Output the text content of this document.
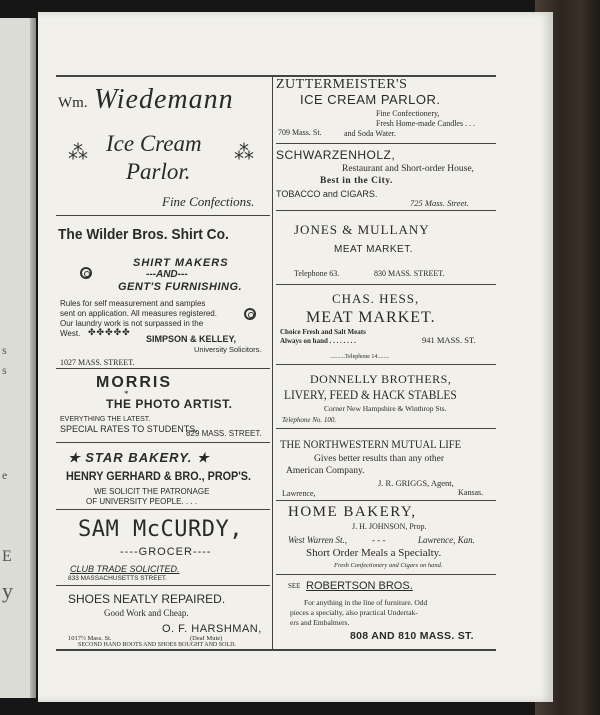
s
s
e
E
y
Wm. Wiedemann
⁂	⁂
Ice Cream
Parlor.
Fine Confections.
The Wilder Bros. Shirt Co.
SHIRT MAKERS
---AND---
GENT'S FURNISHING.
Rules for self measurement and samples
sent on application. All measures registered.
Our laundry work is not surpassed in the
West. ✤✤✤✤✤
SIMPSON & KELLEY,
University Solicitors.
1027 MASS. STREET.
MORRIS
*
THE PHOTO ARTIST.
EVERYTHING THE LATEST.
SPECIAL RATES TO STUDENTS.
829 MASS. STREET.
★ STAR BAKERY. ★
HENRY GERHARD & BRO., PROP'S.
WE SOLICIT THE PATRONAGE
OF UNIVERSITY PEOPLE. . . .
SAM McCURDY,
----GROCER----
CLUB TRADE SOLICITED.
833 MASSACHUSETTS STREET.
SHOES NEATLY REPAIRED.
Good Work and Cheap.
O. F. HARSHMAN,
1017½ Mass. St.	(Deaf Mute)
SECOND HAND BOOTS AND SHOES BOUGHT AND SOLD.
ZUTTERMEISTER'S
ICE CREAM PARLOR.
Fine Confectionery,
Fresh Home-made Candles . . .
and Soda Water.
709 Mass. St.
SCHWARZENHOLZ,
Restaurant and Short-order House,
Best in the City.
TOBACCO and CIGARS.
725 Mass. Street.
JONES & MULLANY
MEAT MARKET.
Telephone 63.	830 MASS. STREET.
CHAS. HESS,
MEAT MARKET.
Choice Fresh and Salt Meats
Always on hand . . . . . . . .	941 MASS. ST.
..........Telephone 14........
DONNELLY BROTHERS,
LIVERY, FEED & HACK STABLES
Corner New Hampshire & Winthrop Sts.
Telephone No. 100.
THE NORTHWESTERN MUTUAL LIFE
Gives better results than any other
American Company.
J. R. GRIGGS, Agent,
Lawrence,	Kansas.
HOME BAKERY,
J. H. JOHNSON, Prop.
West Warren St.,	- - -	Lawrence, Kan.
Short Order Meals a Specialty.
Fresh Confectionery and Cigars on hand.
SEE ROBERTSON BROS.
For anything in the line of furniture. Odd
pieces a specialty, also practical Undertak-
ers and Embalmers.
808 AND 810 MASS. ST.
